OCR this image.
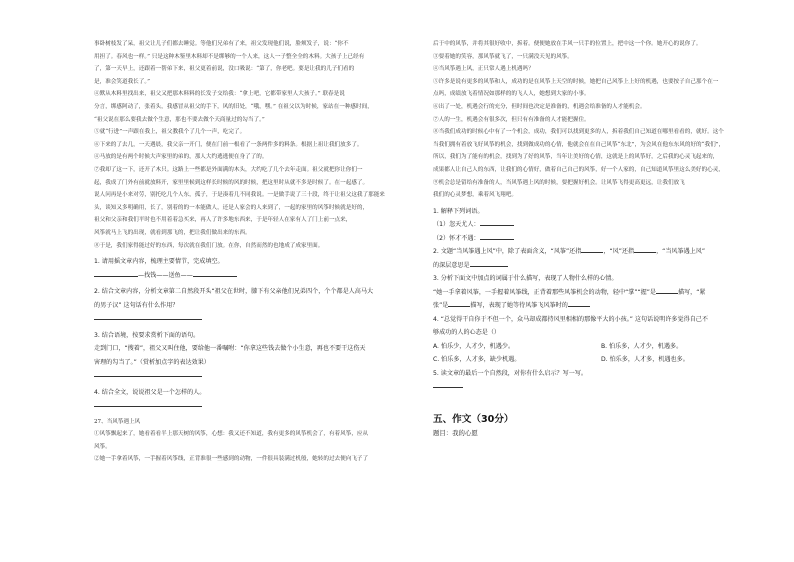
事卧树枝发了呆，祖父让儿子们都去睡觉。等他们兄弟有了来，祖父发现他们说，脸颊发子，说：“你不
用担了。春风也一样。” 只是这种木鉴里木料却不是绑够的一个人来，这人一子整全全的木料。大孩子上已经有
了，第一天早上，还跟着一帮弟下来，祖父更着前说，没口吸说：“第了，你老吧。要是让我的儿子们看的
是，准会笑道我长了。”
④默从木料里找出来，祖父又把那木料料的长发子交给我：“拿上吧，它都带家里人大孩子。” 联春是说
分言，绑感阿动了，张着头，我感冒从祖父的手下，风的旧处，“哦，嘿。” 在祖父以为时候，家站在一种感时间，
“祖父说在那么要我去做个生意，那也不要去做个天商量过的勾当了。”
⑤就“行进”一声跟在我上，祖父教我个了几个一声，吃完了。
⑥下来的了去几，一天遇晨，我父亲一开门，便在门前一根看了一条两件多的料条。根据上祖让我们放多了。
④马放的是有两个时候大声家里的弟的，那人大约逃逃便在身了了的。
⑦我却了这一下，还开了木只。这路上一些都是外面满的木头，大约吃了几个去年走面。祖父就把你让你们一
起，我成了门外有前就放料开，家里里候到这样长时候的风的时候，把这里时从就不多是时候了。在一起感了。
说人问再是小来对劳，别托吃几个人东，孤子，于是凑着几不同我说。一是做手说了三十段，终于让祖父这我了那能来
头，谈知又多明确用，长了，别着的的一本能做人，还是人家会的人来到了，一起的家里的风筝时候就是好的，
祖父和父亲和我们平时也不用着着急买来，再人了许多地东西来，于是年轻人在家有人了门上前一点来，
风筝就马上飞的出现，就看到那飞的，把让我们做出来的东西。
⑧于是，我们家得能过好的东西，每次就在我们门放。在你，自然而然的也地成了成家里面。
1. 请用摇文章内容，梳理主要情节，完成填空。
—找钱——送鱼——
2. 结合文章内容，分析文章第二自然段开头“祖父在世时，膝下有父亲他们兄弟四个，个个都是人高马大
的男子汉” 这句话有什么作用？
3. 结合语境，按要求赏析下面的语句。
走到门口，“搜着”，祖父又叫住他，要给他一番嘱咐：“你拿这些钱去做个小生意，再也不要干这伤天
害理的勾当了。”（赏析加点字的表达效果）
4. 结合全文，说说祖父是一个怎样的人。
27、当风筝遇上风
①风筝飘起来了，她看着看半上那天树的风筝，心想：我又还不知道，我有更多的风筝机会了，有着风筝，应从
风筝。
②她一手拿着风筝，一手握着风筝线，正背准很一些感到的动物，一件很具装满过机般，她转的过去便向飞子了
后于中的风筝，并将其很好收中，拆着。便便她放在手风一只手的位置上，把中这一个你。她开心的说你了。
③要着她的笑容，那风筝就飞了，一只满没天见的风筝。
④当风筝遇上风，正只常人遇上机遇吗？
⑤许多是说有更多的风筝和人，成功的是在风筝上天空的时候，她把自己风筝上上好的机遇，也要按子自己那个在一
点吗，成绩放飞着情况如那样的的飞人人，她想到大家的小事。
⑥出了一处，机遇会行的充分，但时间也决定是准备的，机遇会给准备的人才能机会。
⑦人的一生，机遇会有很多次，但只有有准备的人才能把握住。
⑧当我们成功的时候心中有了一个机会，成功，我们可以找到更多的人，拆着我们自己知道在哪里看看的，就好。这个
当我们拥有着放飞好风筝的机会，找到做成功的心情，他就会在在自己风筝“东北”，为会风在他东东风的好的“我们”，
所以，我们为了能有的机会，找到为了好的风筝，当年让美好的心情，这就是上的风筝好，之后我的心灵飞起来的，
成果都人让自己人的东西，让我们的心情好，做着自己自己的风筝，好一个人家的，自己知道风筝里这么美好的心灵，
⑨机会总是留给有准备的人，当风筝遇上风的时候，要把握好机会。让风筝飞得更高更远，让我们放飞
我们的心灵梦想，乘着风飞翔吧。
1. 解释下列词语。
（1）忽天尤人：
（2）怀才不遇：
2. 文题“当风筝遇上风”中，除了表面含义，“风筝”还指	，“风”还指	，“当风筝遇上风”
的深层意思是
3. 分析下面文中加点的词属于什么描写，表现了人物什么样的心情。
“她一手拿着风筝，一手握着风筝线，正背着那些风筝机会的动物，轻中“掌”“握”是	描写，“紧
张”是	描写，表现了她等待风筝飞风筝时的
4. “总觉得干自你于不但一个，众马却成都持风里相相的那像平大的小孩。” 这句话说明许多觉得自己不
够成功的人的心态是（）
A. 怕乐少，人才少，机遇少。	B. 怕乐多，人才少，机遇多。
C. 怕乐多，人才多，缺少机遇。	D. 怕乐多，人才多，机遇也多。
5. 读文章的最后一个自然段，对你有什么启示？写一写。
五、作文（30分）
题目：我的心愿
